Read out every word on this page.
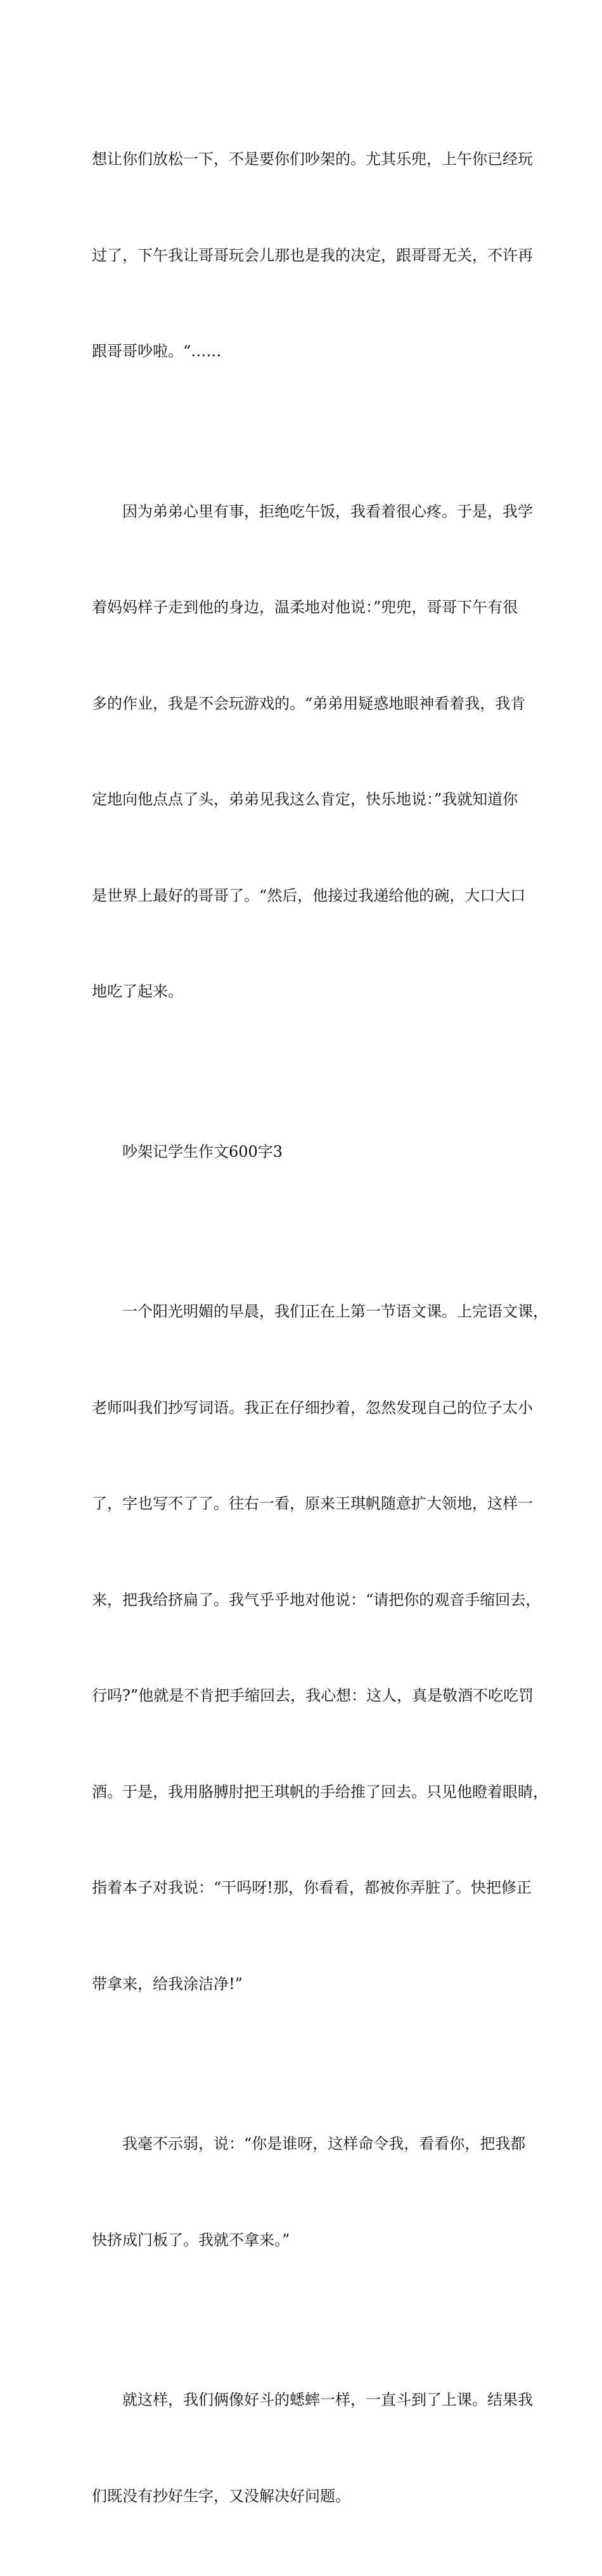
想让你们放松一下，不是要你们吵架的。尤其乐兜，上午你已经玩

过了，下午我让哥哥玩会儿那也是我的决定，跟哥哥无关，不许再

跟哥哥吵啦。“……

因为弟弟心里有事，拒绝吃午饭，我看着很心疼。于是，我学

着妈妈样子走到他的身边，温柔地对他说：”兜兜，哥哥下午有很

多的作业，我是不会玩游戏的。“弟弟用疑惑地眼神看着我，我肯

定地向他点点了头，弟弟见我这么肯定，快乐地说：”我就知道你

是世界上最好的哥哥了。“然后，他接过我递给他的碗，大口大口

地吃了起来。

吵架记学生作文600字3

一个阳光明媚的早晨，我们正在上第一节语文课。上完语文课，

老师叫我们抄写词语。我正在仔细抄着，忽然发现自己的位子太小

了，字也写不了了。往右一看，原来王琪帆随意扩大领地，这样一

来，把我给挤扁了。我气乎乎地对他说：“请把你的观音手缩回去，

行吗?”他就是不肯把手缩回去，我心想：这人，真是敬酒不吃吃罚

酒。于是，我用胳膊肘把王琪帆的手给推了回去。只见他瞪着眼睛，

指着本子对我说：“干吗呀!那，你看看，都被你弄脏了。快把修正

带拿来，给我涂洁净!”

我毫不示弱，说：“你是谁呀，这样命令我，看看你，把我都

快挤成门板了。我就不拿来。”

就这样，我们俩像好斗的蟋蟀一样，一直斗到了上课。结果我

们既没有抄好生字，又没解决好问题。
